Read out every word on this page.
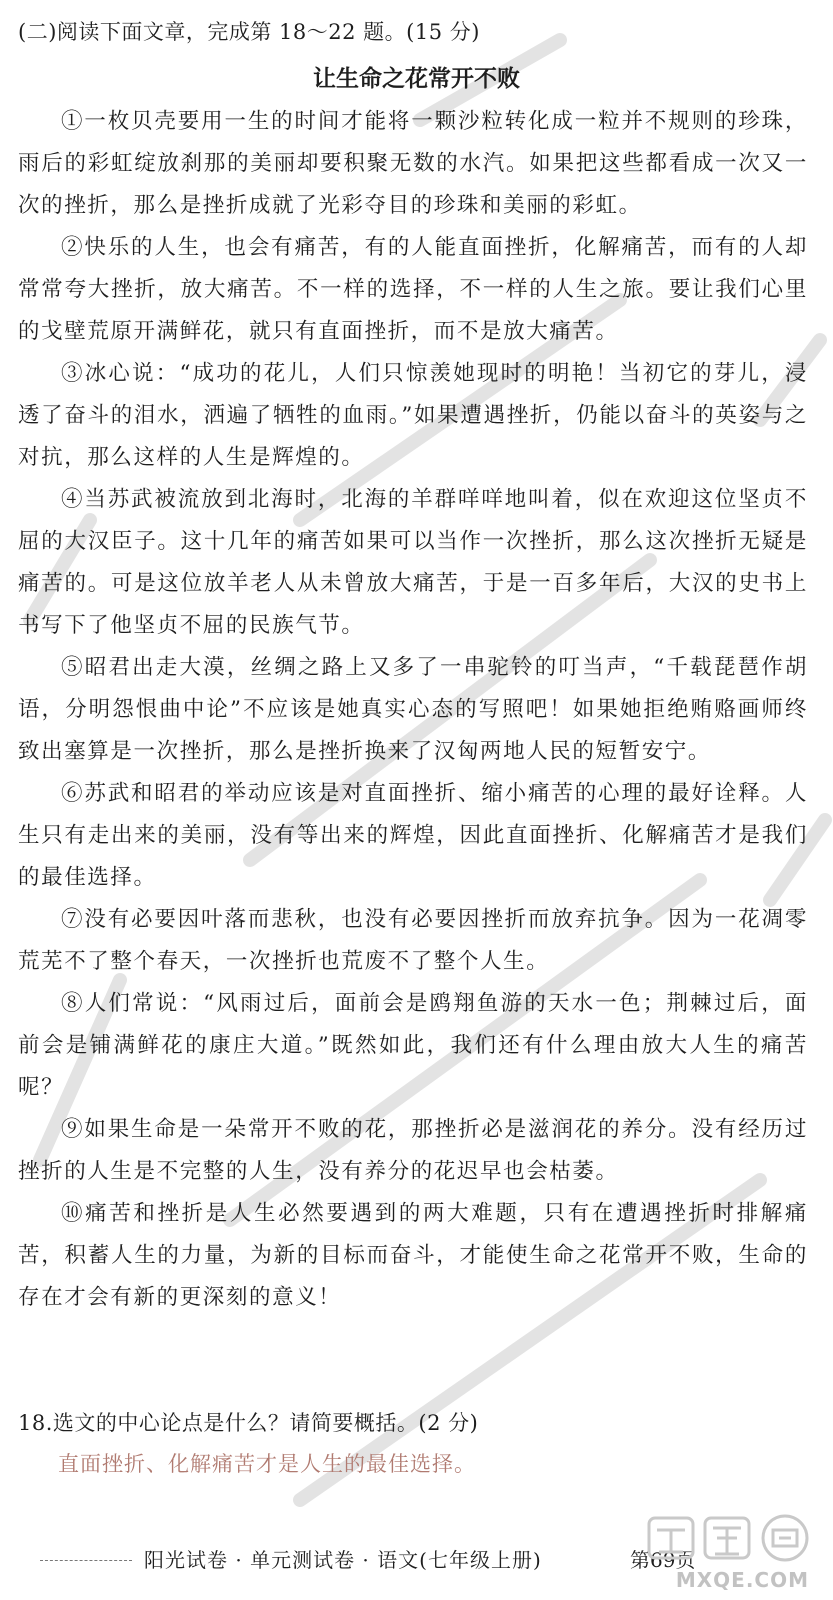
(二)阅读下面文章，完成第 18～22 题。(15 分)
让生命之花常开不败

①一枚贝壳要用一生的时间才能将一颗沙粒转化成一粒并不规则的珍珠，雨后的彩虹绽放刹那的美丽却要积聚无数的水汽。如果把这些都看成一次又一次的挫折，那么是挫折成就了光彩夺目的珍珠和美丽的彩虹。

②快乐的人生，也会有痛苦，有的人能直面挫折，化解痛苦，而有的人却常常夸大挫折，放大痛苦。不一样的选择，不一样的人生之旅。要让我们心里的戈壁荒原开满鲜花，就只有直面挫折，而不是放大痛苦。

③冰心说：“成功的花儿，人们只惊羡她现时的明艳！当初它的芽儿，浸透了奋斗的泪水，洒遍了牺牲的血雨。”如果遭遇挫折，仍能以奋斗的英姿与之对抗，那么这样的人生是辉煌的。

④当苏武被流放到北海时，北海的羊群咩咩地叫着，似在欢迎这位坚贞不屈的大汉臣子。这十几年的痛苦如果可以当作一次挫折，那么这次挫折无疑是痛苦的。可是这位放羊老人从未曾放大痛苦，于是一百多年后，大汉的史书上书写下了他坚贞不屈的民族气节。

⑤昭君出走大漠，丝绸之路上又多了一串驼铃的叮当声，“千载琵琶作胡语，分明怨恨曲中论”不应该是她真实心态的写照吧！如果她拒绝贿赂画师终致出塞算是一次挫折，那么是挫折换来了汉匈两地人民的短暂安宁。

⑥苏武和昭君的举动应该是对直面挫折、缩小痛苦的心理的最好诠释。人生只有走出来的美丽，没有等出来的辉煌，因此直面挫折、化解痛苦才是我们的最佳选择。

⑦没有必要因叶落而悲秋，也没有必要因挫折而放弃抗争。因为一花凋零荒芜不了整个春天，一次挫折也荒废不了整个人生。

⑧人们常说：“风雨过后，面前会是鸥翔鱼游的天水一色；荆棘过后，面前会是铺满鲜花的康庄大道。”既然如此，我们还有什么理由放大人生的痛苦呢？

⑨如果生命是一朵常开不败的花，那挫折必是滋润花的养分。没有经历过挫折的人生是不完整的人生，没有养分的花迟早也会枯萎。

⑩痛苦和挫折是人生必然要遇到的两大难题，只有在遭遇挫折时排解痛苦，积蓄人生的力量，为新的目标而奋斗，才能使生命之花常开不败，生命的存在才会有新的更深刻的意义！

18.选文的中心论点是什么？请简要概括。(2 分)
直面挫折、化解痛苦才是人生的最佳选择。
阳光试卷 · 单元测试卷 · 语文(七年级上册)	第69页
MXQE.COM
